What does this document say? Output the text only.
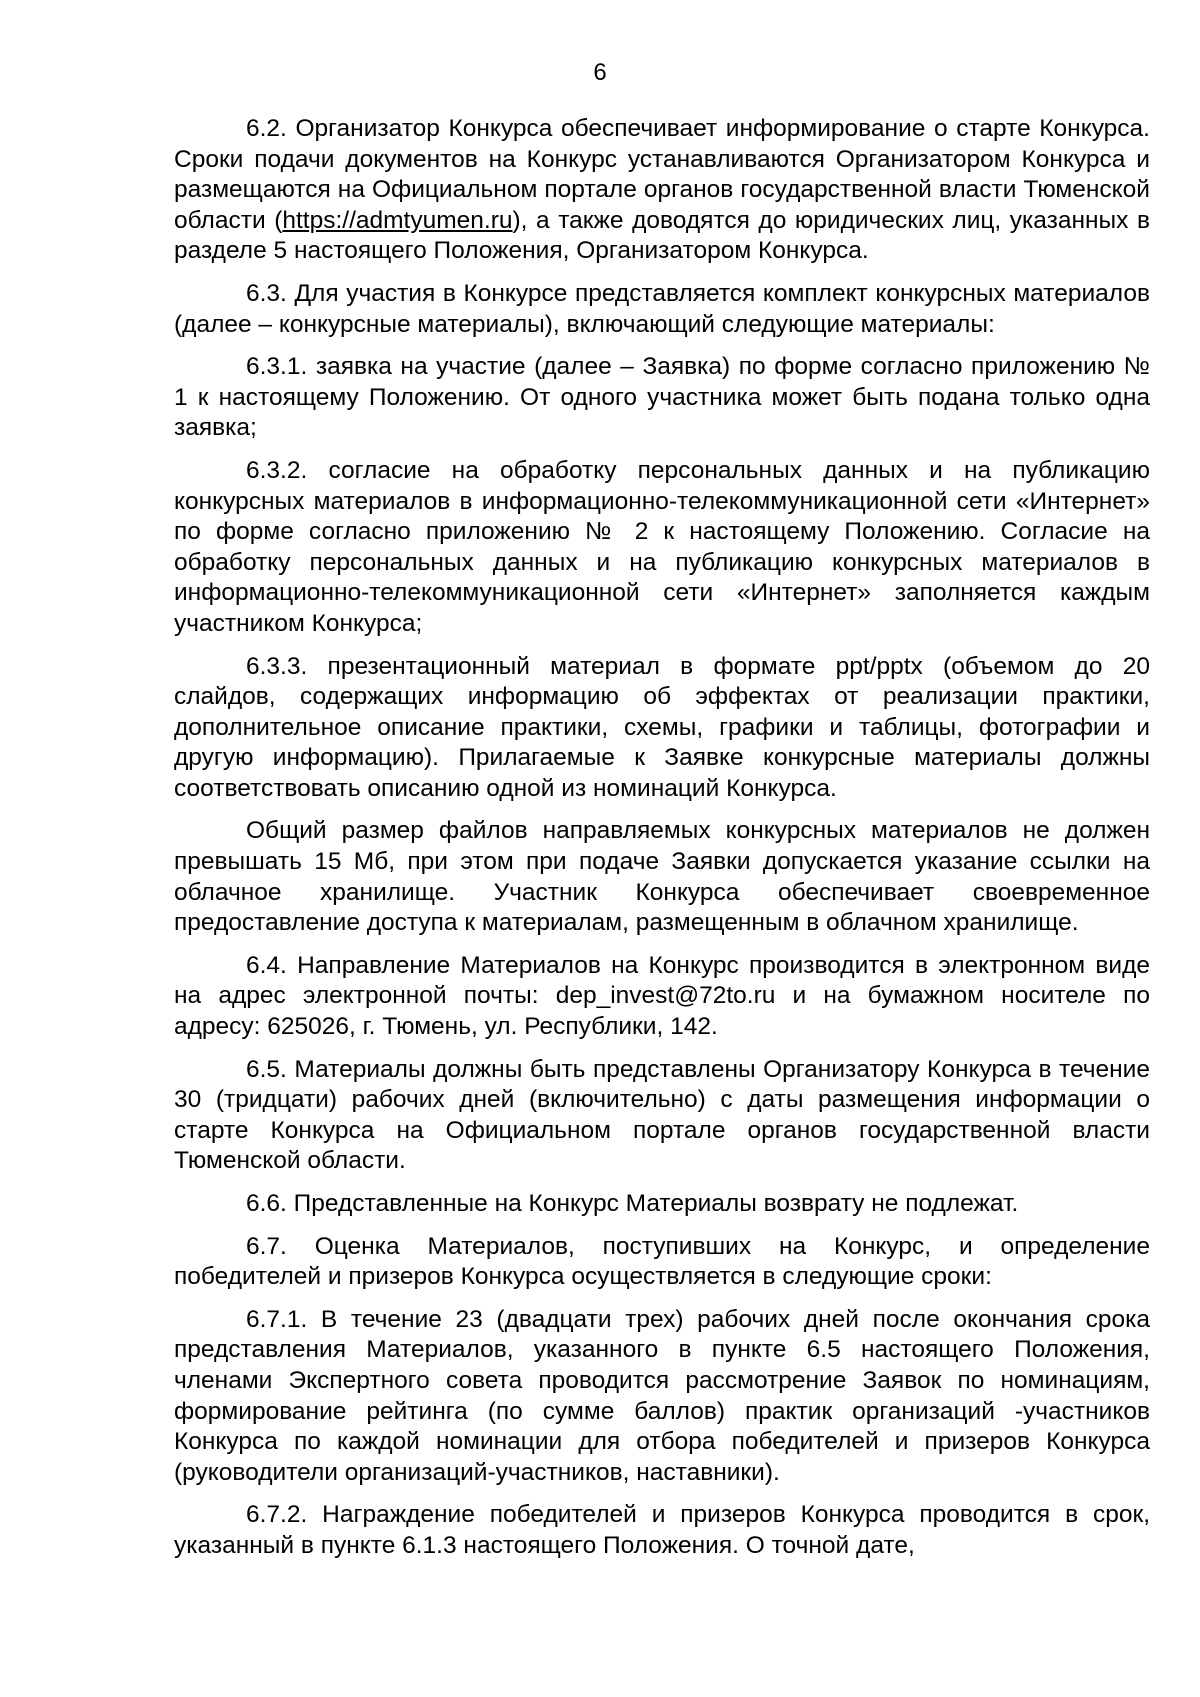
6

6.2. Организатор Конкурса обеспечивает информирование о старте Конкурса. Сроки подачи документов на Конкурс устанавливаются Организатором Конкурса и размещаются на Официальном портале органов государственной власти Тюменской области (https://admtyumen.ru), а также доводятся до юридических лиц, указанных в разделе 5 настоящего Положения, Организатором Конкурса.

6.3. Для участия в Конкурсе представляется комплект конкурсных материалов (далее – конкурсные материалы), включающий следующие материалы:

6.3.1. заявка на участие (далее – Заявка) по форме согласно приложению № 1 к настоящему Положению. От одного участника может быть подана только одна заявка;

6.3.2. согласие на обработку персональных данных и на публикацию конкурсных материалов в информационно-телекоммуникационной сети «Интернет» по форме согласно приложению № 2 к настоящему Положению. Согласие на обработку персональных данных и на публикацию конкурсных материалов в информационно-телекоммуникационной сети «Интернет» заполняется каждым участником Конкурса;

6.3.3. презентационный материал в формате ppt/pptx (объемом до 20 слайдов, содержащих информацию об эффектах от реализации практики, дополнительное описание практики, схемы, графики и таблицы, фотографии и другую информацию). Прилагаемые к Заявке конкурсные материалы должны соответствовать описанию одной из номинаций Конкурса.

Общий размер файлов направляемых конкурсных материалов не должен превышать 15 Мб, при этом при подаче Заявки допускается указание ссылки на облачное хранилище. Участник Конкурса обеспечивает своевременное предоставление доступа к материалам, размещенным в облачном хранилище.

6.4. Направление Материалов на Конкурс производится в электронном виде на адрес электронной почты: dep_invest@72to.ru и на бумажном носителе по адресу: 625026, г. Тюмень, ул. Республики, 142.

6.5. Материалы должны быть представлены Организатору Конкурса в течение 30 (тридцати) рабочих дней (включительно) с даты размещения информации о старте Конкурса на Официальном портале органов государственной власти Тюменской области.

6.6. Представленные на Конкурс Материалы возврату не подлежат.

6.7. Оценка Материалов, поступивших на Конкурс, и определение победителей и призеров Конкурса осуществляется в следующие сроки:

6.7.1. В течение 23 (двадцати трех) рабочих дней после окончания срока представления Материалов, указанного в пункте 6.5 настоящего Положения, членами Экспертного совета проводится рассмотрение Заявок по номинациям, формирование рейтинга (по сумме баллов) практик организаций -участников Конкурса по каждой номинации для отбора победителей и призеров Конкурса (руководители организаций-участников, наставники).

6.7.2. Награждение победителей и призеров Конкурса проводится в срок, указанный в пункте 6.1.3 настоящего Положения. О точной дате,
